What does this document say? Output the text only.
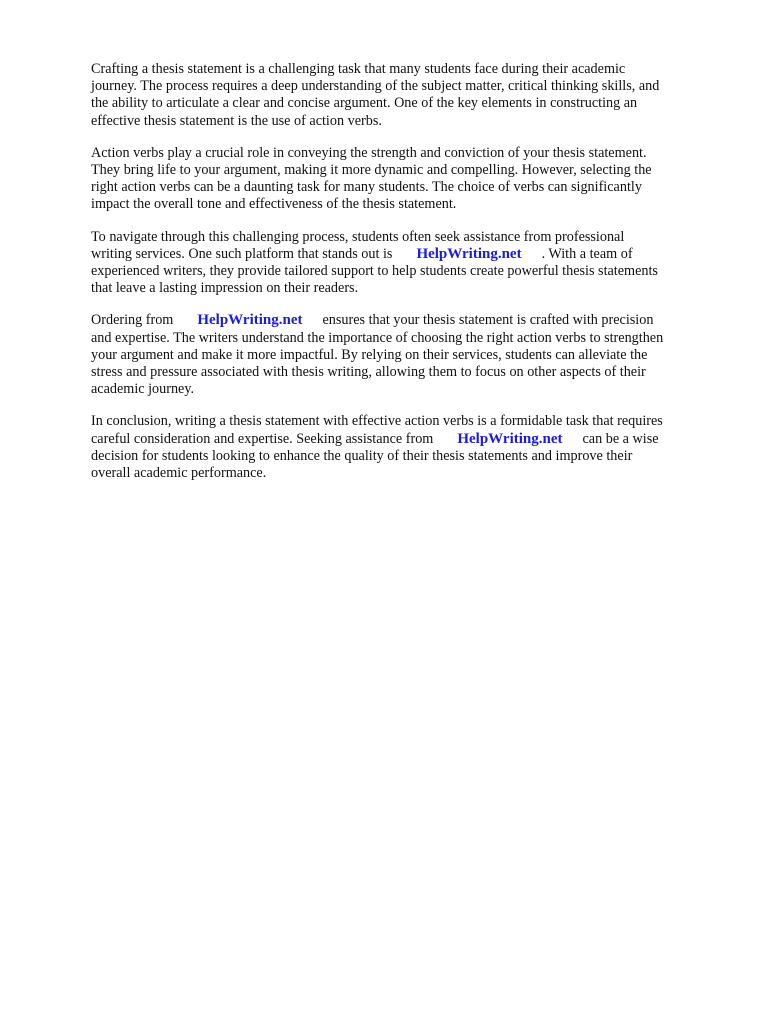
Crafting a thesis statement is a challenging task that many students face during their academic
journey. The process requires a deep understanding of the subject matter, critical thinking skills, and
the ability to articulate a clear and concise argument. One of the key elements in constructing an
effective thesis statement is the use of action verbs.

Action verbs play a crucial role in conveying the strength and conviction of your thesis statement.
They bring life to your argument, making it more dynamic and compelling. However, selecting the
right action verbs can be a daunting task for many students. The choice of verbs can significantly
impact the overall tone and effectiveness of the thesis statement.

To navigate through this challenging process, students often seek assistance from professional
writing services. One such platform that stands out is HelpWriting.net . With a team of
experienced writers, they provide tailored support to help students create powerful thesis statements
that leave a lasting impression on their readers.

Ordering from HelpWriting.net ensures that your thesis statement is crafted with precision
and expertise. The writers understand the importance of choosing the right action verbs to strengthen
your argument and make it more impactful. By relying on their services, students can alleviate the
stress and pressure associated with thesis writing, allowing them to focus on other aspects of their
academic journey.

In conclusion, writing a thesis statement with effective action verbs is a formidable task that requires
careful consideration and expertise. Seeking assistance from HelpWriting.net can be a wise
decision for students looking to enhance the quality of their thesis statements and improve their
overall academic performance.
